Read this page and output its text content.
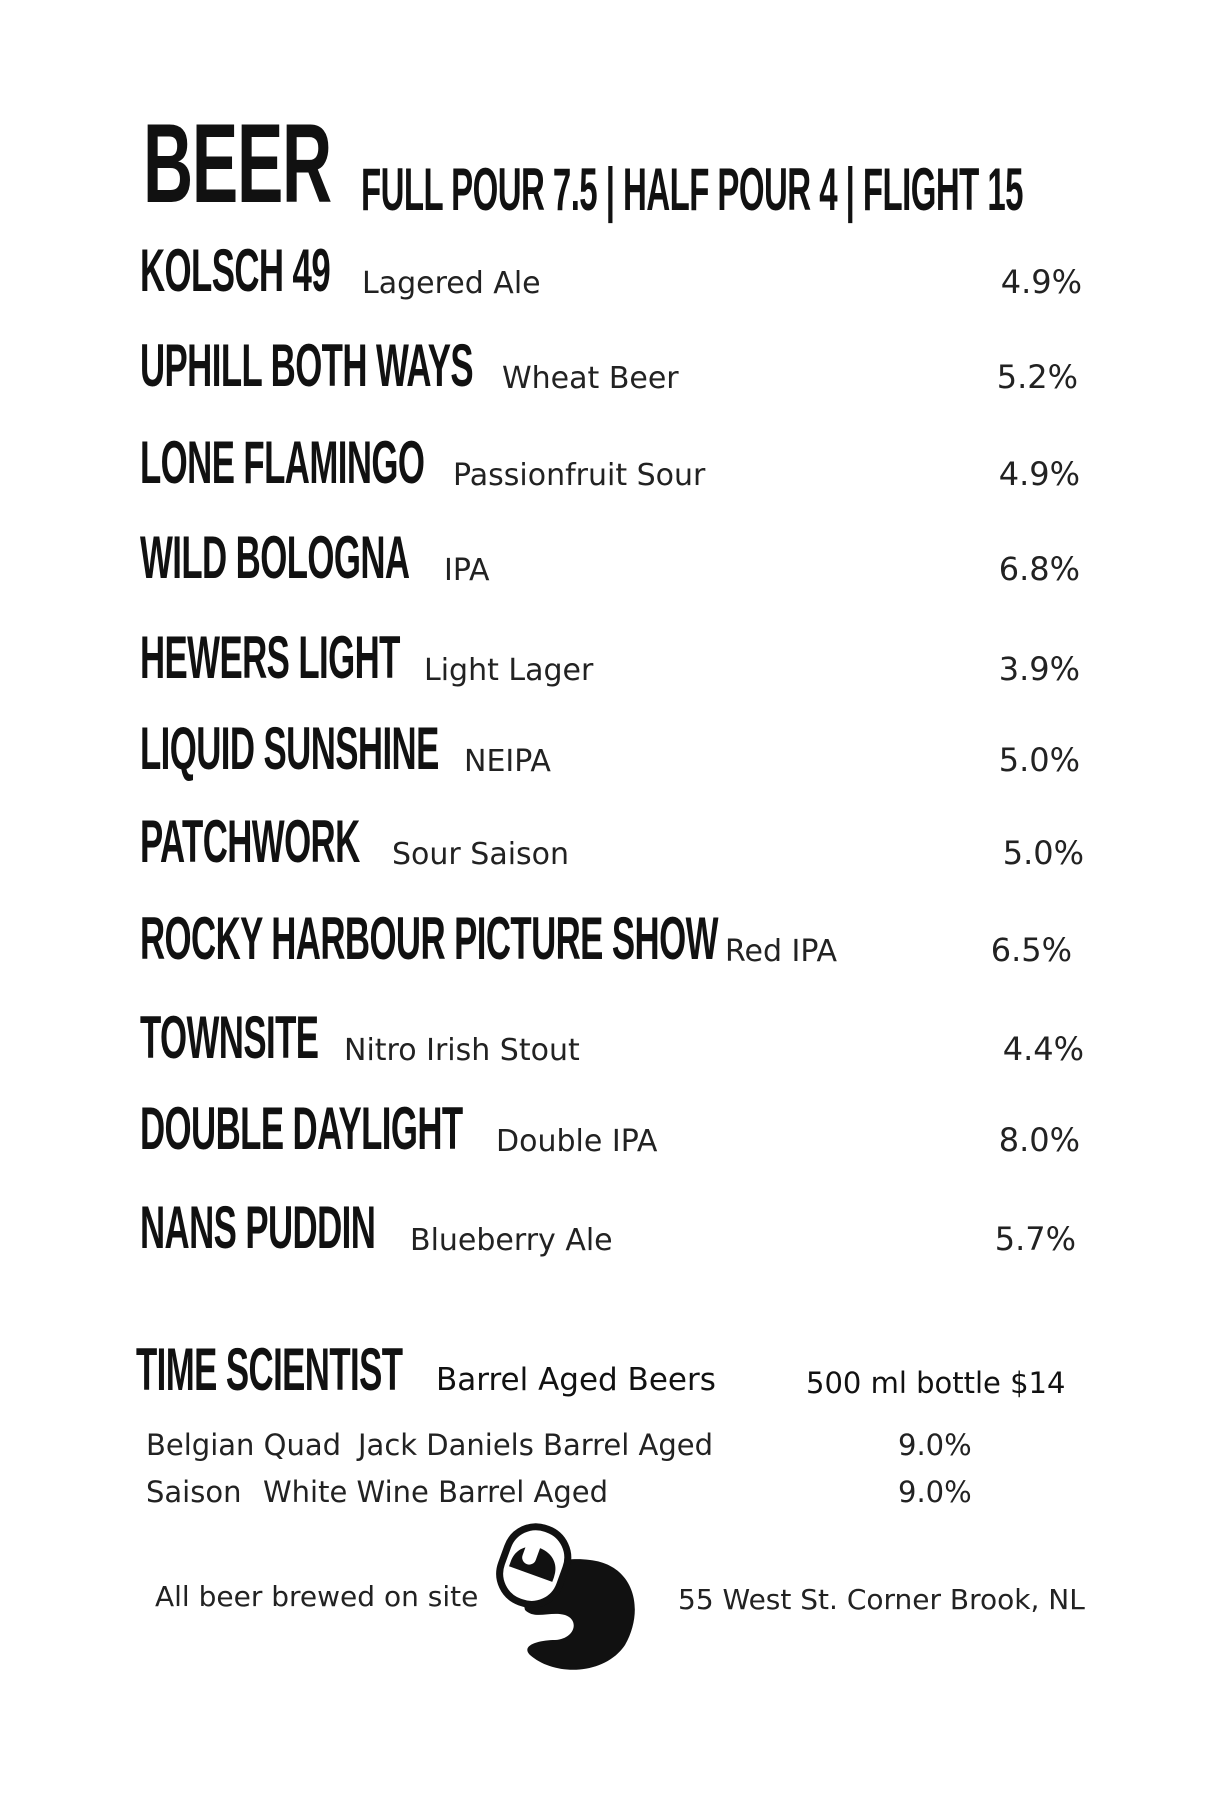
BEER FULL POUR 7.5 | HALF POUR 4 | FLIGHT 15
KOLSCH 49 Lagered Ale	4.9%
UPHILL BOTH WAYS Wheat Beer	5.2%
LONE FLAMINGO Passionfruit Sour	4.9%
WILD BOLOGNA IPA	6.8%
HEWERS LIGHT Light Lager	3.9%
LIQUID SUNSHINE NEIPA	5.0%
PATCHWORK Sour Saison	5.0%
ROCKY HARBOUR PICTURE SHOW Red IPA	6.5%
TOWNSITE Nitro Irish Stout	4.4%
DOUBLE DAYLIGHT Double IPA	8.0%
NANS PUDDIN Blueberry Ale	5.7%
TIME SCIENTIST Barrel Aged Beers	500 ml bottle $14
Belgian Quad Jack Daniels Barrel Aged	9.0%
Saison White Wine Barrel Aged	9.0%
All beer brewed on site	55 West St. Corner Brook, NL
